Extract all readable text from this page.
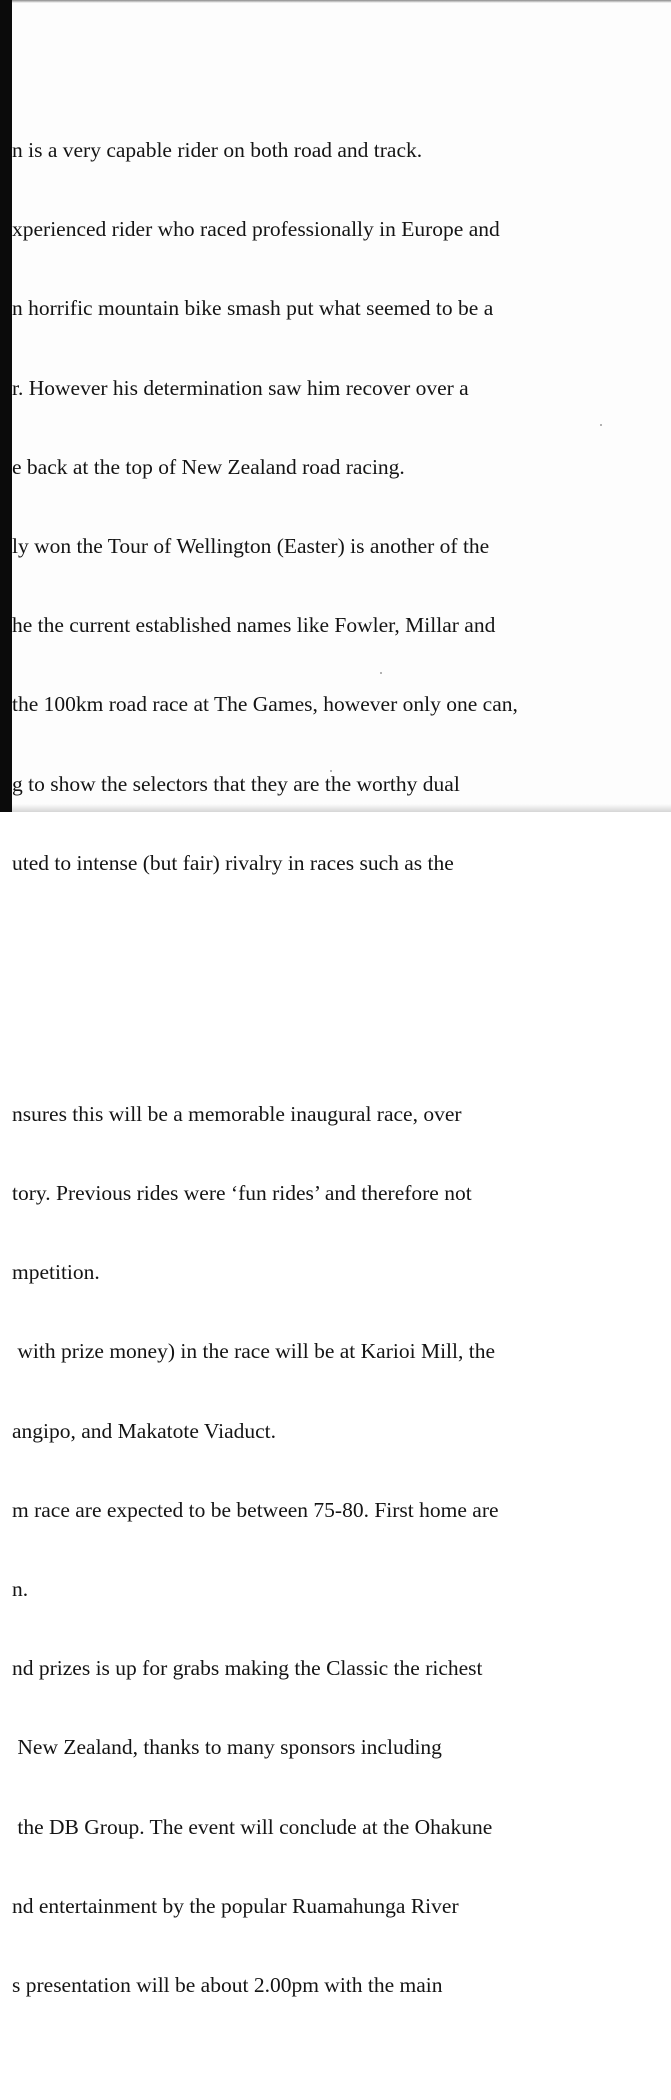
n is a very capable rider on both road and track.

xperienced rider who raced professionally in Europe and

n horrific mountain bike smash put what seemed to be a

r. However his determination saw him recover over a

e back at the top of New Zealand road racing.

ly won the Tour of Wellington (Easter) is another of the

he the current established names like Fowler, Millar and

the 100km road race at The Games, however only one can,

g to show the selectors that they are the worthy dual

uted to intense (but fair) rivalry in races such as the

nsures this will be a memorable inaugural race, over

tory. Previous rides were ‘fun rides’ and therefore not

mpetition.

with prize money) in the race will be at Karioi Mill, the

angipo, and Makatote Viaduct.

m race are expected to be between 75-80. First home are

n.

nd prizes is up for grabs making the Classic the richest

New Zealand, thanks to many sponsors including

the DB Group. The event will conclude at the Ohakune

nd entertainment by the popular Ruamahunga River

s presentation will be about 2.00pm with the main
